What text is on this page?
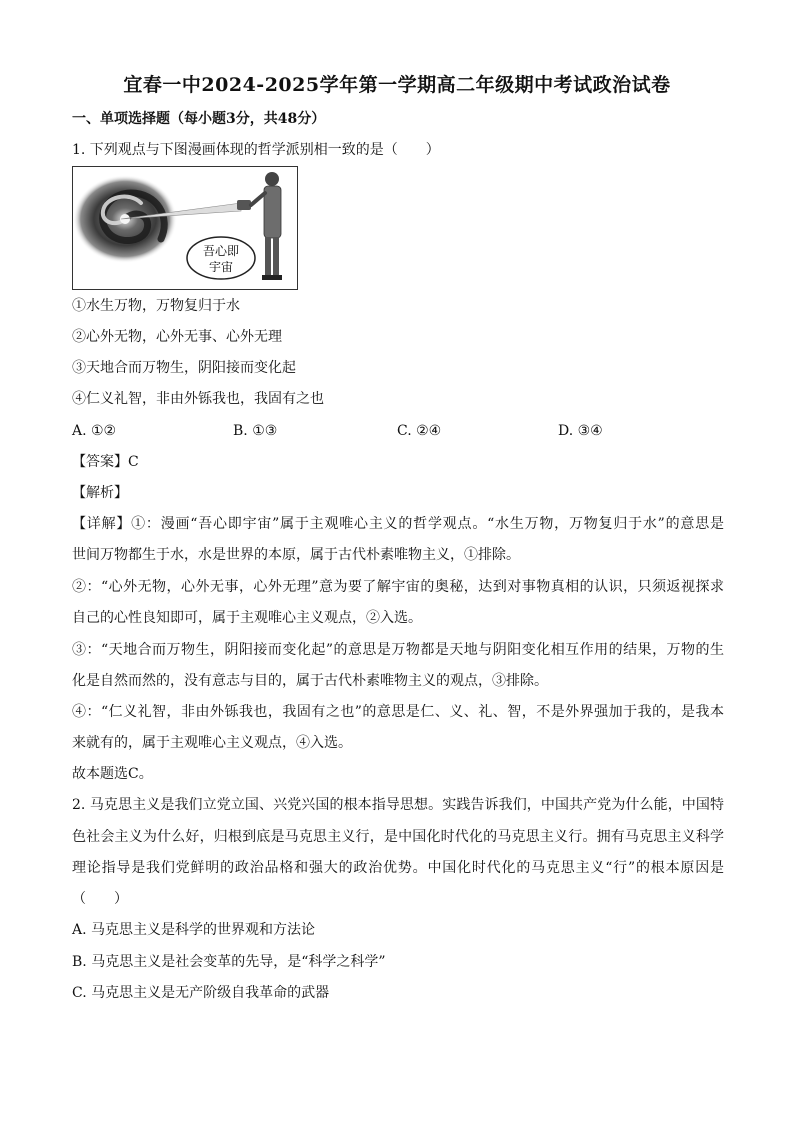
宜春一中2024-2025学年第一学期高二年级期中考试政治试卷
一、单项选择题（每小题3分，共48分）
1. 下列观点与下图漫画体现的哲学派别相一致的是（　　）
吾心即
宇宙
①水生万物，万物复归于水
②心外无物，心外无事、心外无理
③天地合而万物生，阴阳接而变化起
④仁义礼智，非由外铄我也，我固有之也
A. ①②	B. ①③	C. ②④	D. ③④
【答案】C
【解析】
【详解】①：漫画“吾心即宇宙”属于主观唯心主义的哲学观点。“水生万物，万物复归于水”的意思是
世间万物都生于水，水是世界的本原，属于古代朴素唯物主义，①排除。
②：“心外无物，心外无事，心外无理”意为要了解宇宙的奥秘，达到对事物真相的认识，只须返视探求
自己的心性良知即可，属于主观唯心主义观点，②入选。
③：“天地合而万物生，阴阳接而变化起”的意思是万物都是天地与阴阳变化相互作用的结果，万物的生
化是自然而然的，没有意志与目的，属于古代朴素唯物主义的观点，③排除。
④：“仁义礼智，非由外铄我也，我固有之也”的意思是仁、义、礼、智，不是外界强加于我的，是我本
来就有的，属于主观唯心主义观点，④入选。
故本题选C。
2. 马克思主义是我们立党立国、兴党兴国的根本指导思想。实践告诉我们，中国共产党为什么能，中国特
色社会主义为什么好，归根到底是马克思主义行，是中国化时代化的马克思主义行。拥有马克思主义科学
理论指导是我们党鲜明的政治品格和强大的政治优势。中国化时代化的马克思主义“行”的根本原因是
（　　）
A. 马克思主义是科学的世界观和方法论
B. 马克思主义是社会变革的先导，是“科学之科学”
C. 马克思主义是无产阶级自我革命的武器
